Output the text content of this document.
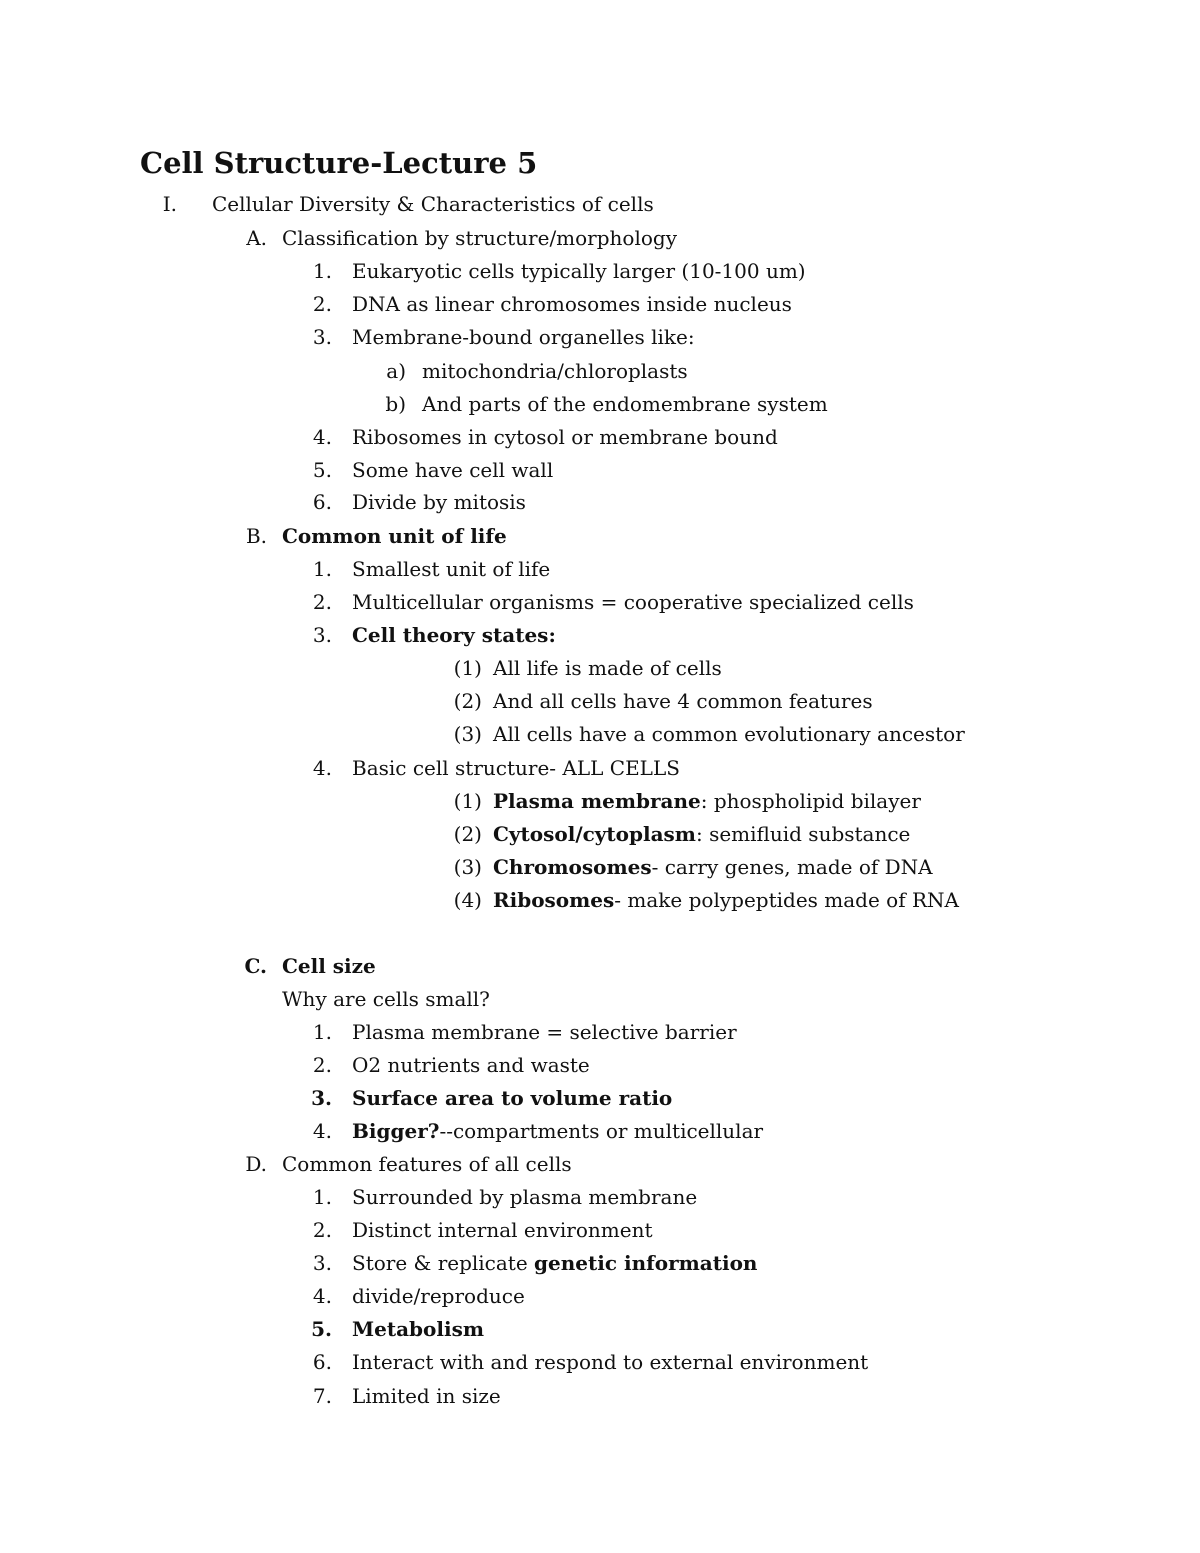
Cell Structure-Lecture 5
I. Cellular Diversity & Characteristics of cells
A. Classification by structure/morphology
1. Eukaryotic cells typically larger (10-100 um)
2. DNA as linear chromosomes inside nucleus
3. Membrane-bound organelles like:
a) mitochondria/chloroplasts
b) And parts of the endomembrane system
4. Ribosomes in cytosol or membrane bound
5. Some have cell wall
6. Divide by mitosis
B. Common unit of life
1. Smallest unit of life
2. Multicellular organisms = cooperative specialized cells
3. Cell theory states:
(1) All life is made of cells
(2) And all cells have 4 common features
(3) All cells have a common evolutionary ancestor
4. Basic cell structure- ALL CELLS
(1) Plasma membrane: phospholipid bilayer
(2) Cytosol/cytoplasm: semifluid substance
(3) Chromosomes- carry genes, made of DNA
(4) Ribosomes- make polypeptides made of RNA
C. Cell size
Why are cells small?
1. Plasma membrane = selective barrier
2. O2 nutrients and waste
3. Surface area to volume ratio
4. Bigger?--compartments or multicellular
D. Common features of all cells
1. Surrounded by plasma membrane
2. Distinct internal environment
3. Store & replicate genetic information
4. divide/reproduce
5. Metabolism
6. Interact with and respond to external environment
7. Limited in size
